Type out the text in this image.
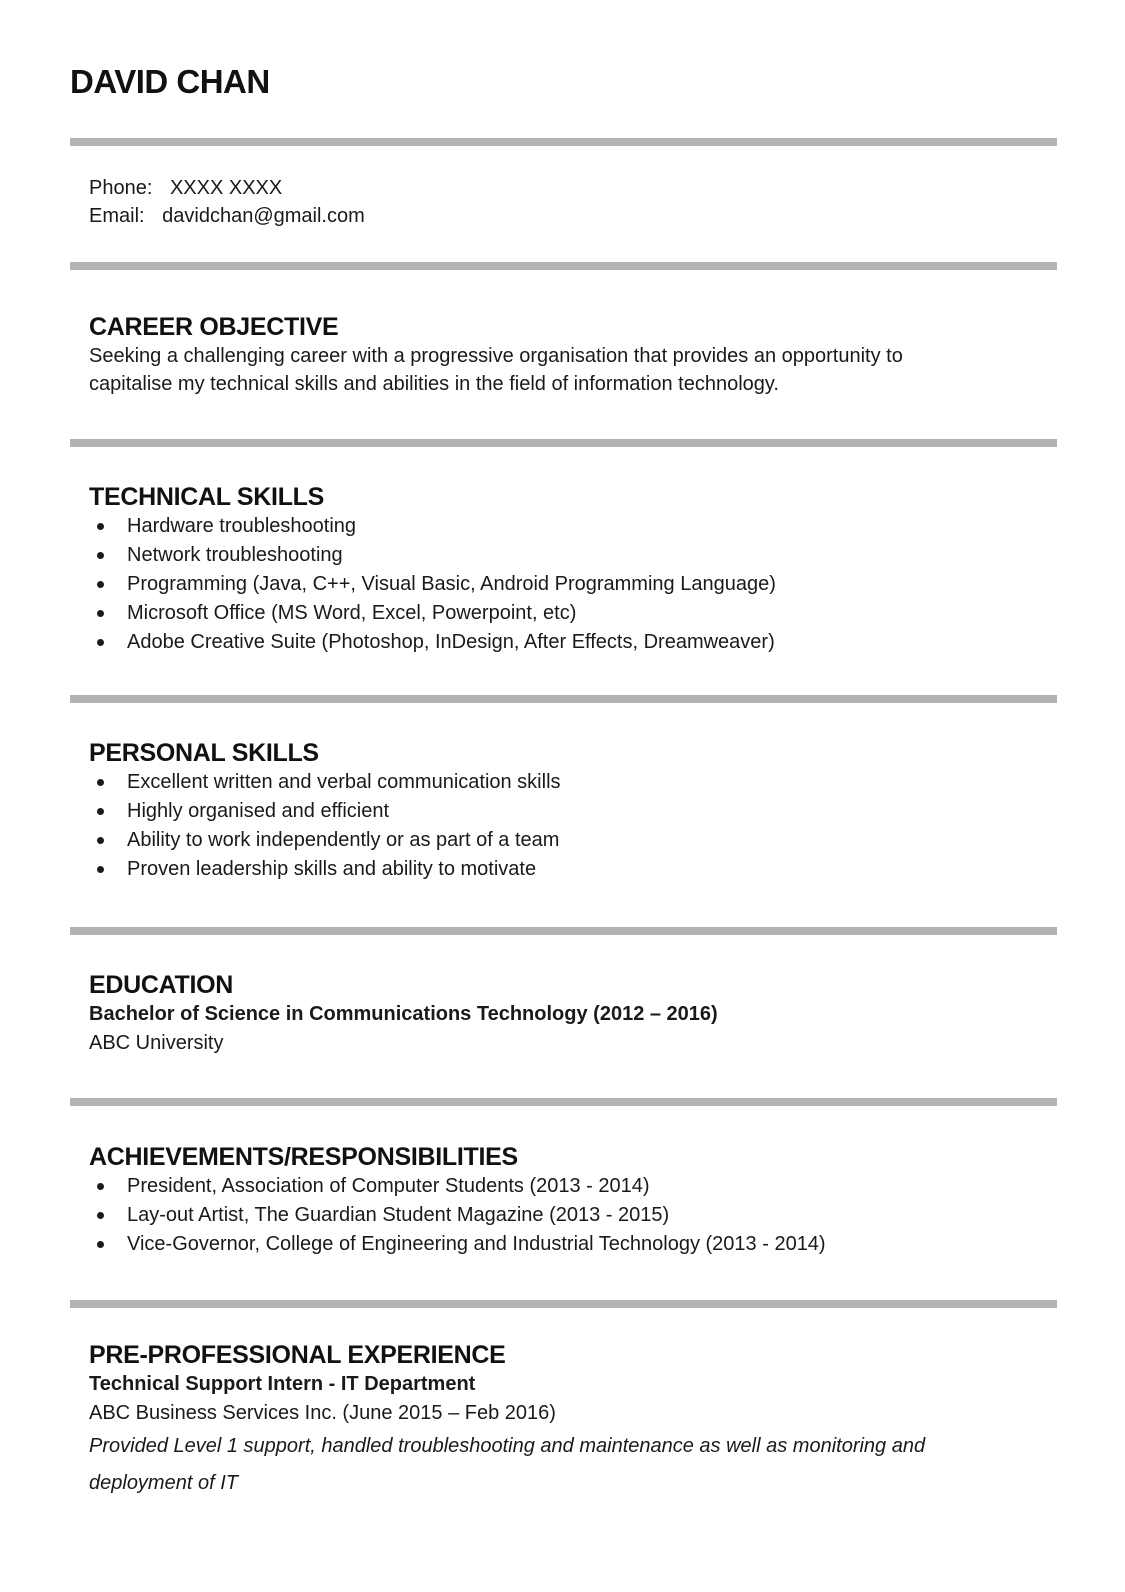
DAVID CHAN
Phone: XXXX XXXX
Email: davidchan@gmail.com
CAREER OBJECTIVE

Seeking a challenging career with a progressive organisation that provides an opportunity to
capitalise my technical skills and abilities in the field of information technology.

TECHNICAL SKILLS
Hardware troubleshooting
Network troubleshooting
Programming (Java, C++, Visual Basic, Android Programming Language)
Microsoft Office (MS Word, Excel, Powerpoint, etc)
Adobe Creative Suite (Photoshop, InDesign, After Effects, Dreamweaver)
PERSONAL SKILLS
Excellent written and verbal communication skills
Highly organised and efficient
Ability to work independently or as part of a team
Proven leadership skills and ability to motivate
EDUCATION
Bachelor of Science in Communications Technology (2012 – 2016)
ABC University
ACHIEVEMENTS/RESPONSIBILITIES
President, Association of Computer Students (2013 - 2014)
Lay-out Artist, The Guardian Student Magazine (2013 - 2015)
Vice-Governor, College of Engineering and Industrial Technology (2013 - 2014)
PRE-PROFESSIONAL EXPERIENCE
Technical Support Intern - IT Department
ABC Business Services Inc. (June 2015 – Feb 2016)

Provided Level 1 support, handled troubleshooting and maintenance as well as monitoring and
deployment of IT
